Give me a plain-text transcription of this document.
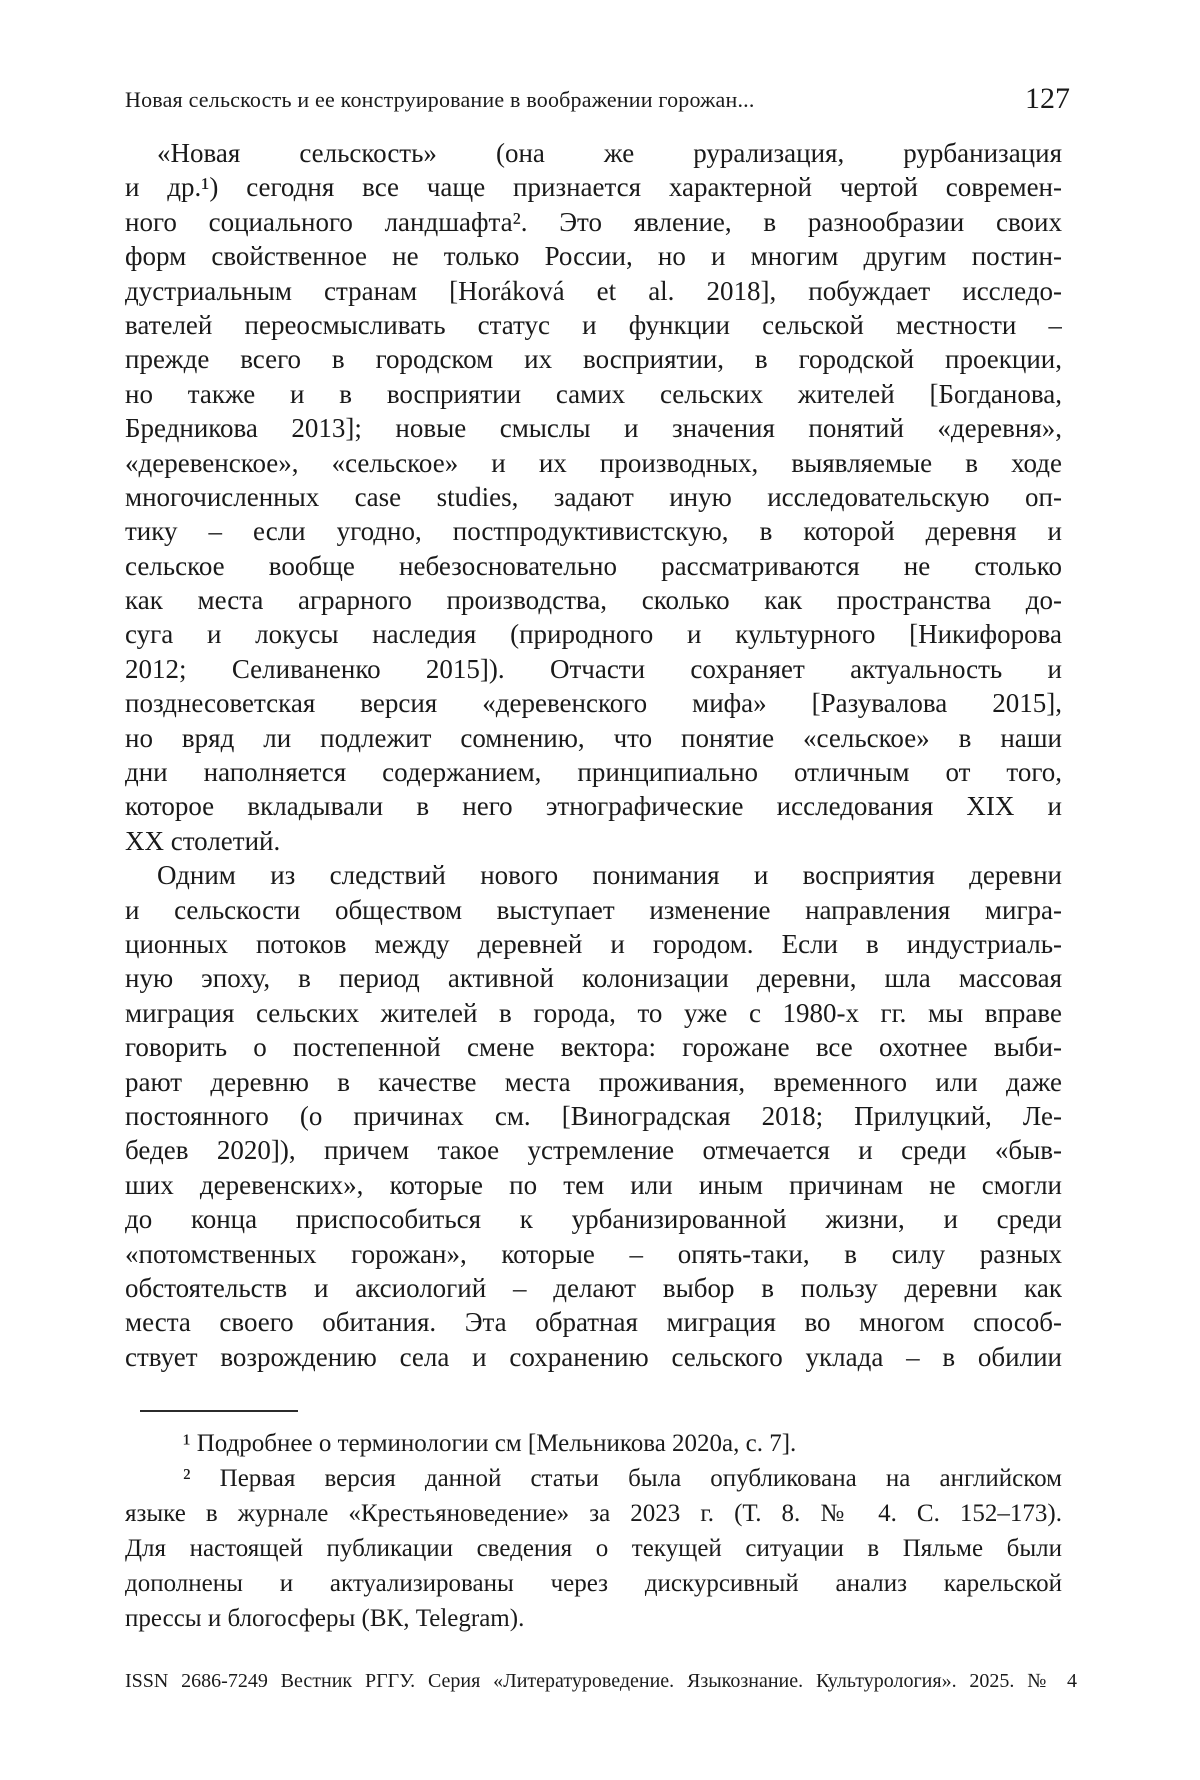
Новая сельскость и ее конструирование в воображении горожан...	127
«Новая сельскость» (она же рурализация, рурбанизация
и др.¹) сегодня все чаще признается характерной чертой современ-
ного социального ландшафта². Это явление, в разнообразии своих
форм свойственное не только России, но и многим другим постин-
дустриальным странам [Horáková et al. 2018], побуждает исследо-
вателей переосмысливать статус и функции сельской местности –
прежде всего в городском их восприятии, в городской проекции,
но также и в восприятии самих сельских жителей [Богданова,
Бредникова 2013]; новые смыслы и значения понятий «деревня»,
«деревенское», «сельское» и их производных, выявляемые в ходе
многочисленных case studies, задают иную исследовательскую оп-
тику – если угодно, постпродуктивистскую, в которой деревня и
сельское вообще небезосновательно рассматриваются не столько
как места аграрного производства, сколько как пространства до-
суга и локусы наследия (природного и культурного [Никифорова
2012; Селиваненко 2015]). Отчасти сохраняет актуальность и
позднесоветская версия «деревенского мифа» [Разувалова 2015],
но вряд ли подлежит сомнению, что понятие «сельское» в наши
дни наполняется содержанием, принципиально отличным от того,
которое вкладывали в него этнографические исследования XIX и
XX столетий.
Одним из следствий нового понимания и восприятия деревни
и сельскости обществом выступает изменение направления мигра-
ционных потоков между деревней и городом. Если в индустриаль-
ную эпоху, в период активной колонизации деревни, шла массовая
миграция сельских жителей в города, то уже с 1980-х гг. мы вправе
говорить о постепенной смене вектора: горожане все охотнее выби-
рают деревню в качестве места проживания, временного или даже
постоянного (о причинах см. [Виноградская 2018; Прилуцкий, Ле-
бедев 2020]), причем такое устремление отмечается и среди «быв-
ших деревенских», которые по тем или иным причинам не смогли
до конца приспособиться к урбанизированной жизни, и среди
«потомственных горожан», которые – опять-таки, в силу разных
обстоятельств и аксиологий – делают выбор в пользу деревни как
места своего обитания. Эта обратная миграция во многом способ-
ствует возрождению села и сохранению сельского уклада – в обилии
¹ Подробнее о терминологии см [Мельникова 2020а, с. 7].
² Первая версия данной статьи была опубликована на английском
языке в журнале «Крестьяноведение» за 2023 г. (Т. 8. № 4. С. 152–173).
Для настоящей публикации сведения о текущей ситуации в Пяльме были
дополнены и актуализированы через дискурсивный анализ карельской
прессы и блогосферы (ВК, Telegram).
ISSN 2686-7249 Вестник РГГУ. Серия «Литературоведение. Языкознание. Культурология». 2025. № 4
